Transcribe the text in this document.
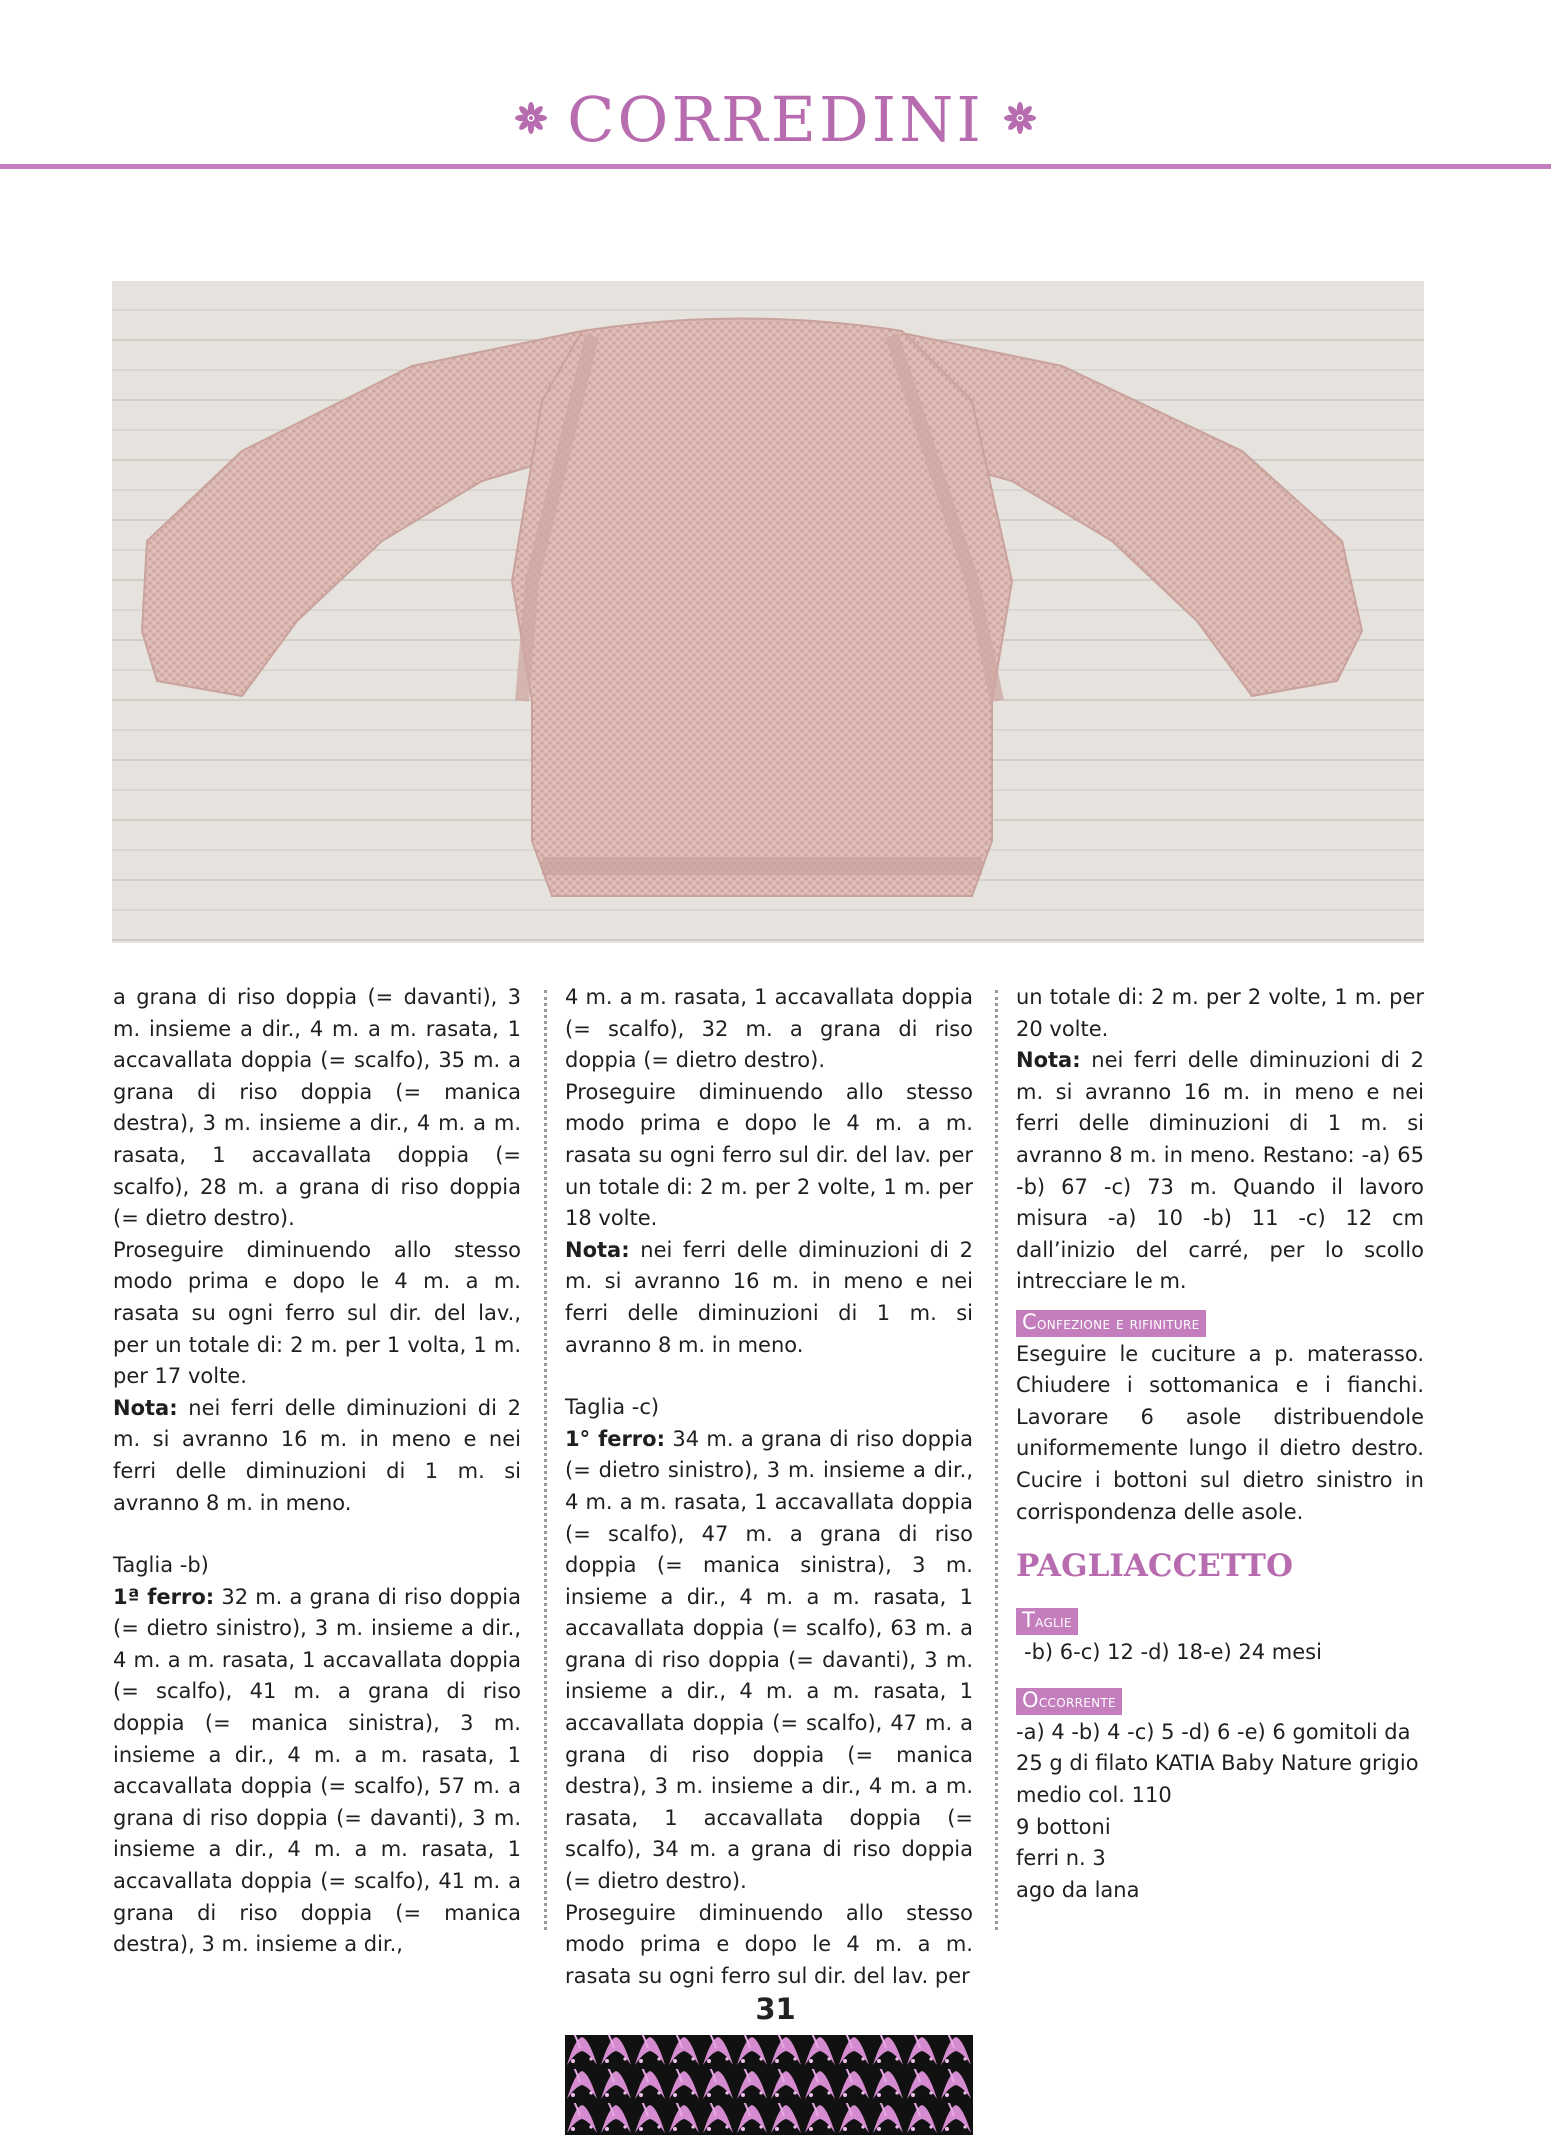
CORREDINI

a grana di riso doppia (= davanti), 3 m. insieme a dir., 4 m. a m. rasata, 1 accavallata doppia (= scalfo), 35 m. a grana di riso doppia (= manica destra), 3 m. insieme a dir., 4 m. a m. rasata, 1 accavallata doppia (= scalfo), 28 m. a grana di riso doppia (= dietro destro).

Proseguire diminuendo allo stesso modo prima e dopo le 4 m. a m. rasata su ogni ferro sul dir. del lav., per un totale di: 2 m. per 1 volta, 1 m. per 17 volte.

Nota: nei ferri delle diminuzioni di 2 m. si avranno 16 m. in meno e nei ferri delle diminuzioni di 1 m. si avranno 8 m. in meno.

Taglia -b)

1ª ferro: 32 m. a grana di riso doppia (= dietro sinistro), 3 m. insieme a dir., 4 m. a m. rasata, 1 accavallata doppia (= scalfo), 41 m. a grana di riso doppia (= manica sinistra), 3 m. insieme a dir., 4 m. a m. rasata, 1 accavallata doppia (= scalfo), 57 m. a grana di riso doppia (= davanti), 3 m. insieme a dir., 4 m. a m. rasata, 1 accavallata doppia (= scalfo), 41 m. a grana di riso doppia (= manica destra), 3 m. insieme a dir.,

4 m. a m. rasata, 1 accavallata doppia (= scalfo), 32 m. a grana di riso doppia (= dietro destro).

Proseguire diminuendo allo stesso modo prima e dopo le 4 m. a m. rasata su ogni ferro sul dir. del lav. per un totale di: 2 m. per 2 volte, 1 m. per 18 volte.

Nota: nei ferri delle diminuzioni di 2 m. si avranno 16 m. in meno e nei ferri delle diminuzioni di 1 m. si avranno 8 m. in meno.

Taglia -c)

1° ferro: 34 m. a grana di riso doppia (= dietro sinistro), 3 m. insieme a dir., 4 m. a m. rasata, 1 accavallata doppia (= scalfo), 47 m. a grana di riso doppia (= manica sinistra), 3 m. insieme a dir., 4 m. a m. rasata, 1 accavallata doppia (= scalfo), 63 m. a grana di riso doppia (= davanti), 3 m. insieme a dir., 4 m. a m. rasata, 1 accavallata doppia (= scalfo), 47 m. a grana di riso doppia (= manica destra), 3 m. insieme a dir., 4 m. a m. rasata, 1 accavallata doppia (= scalfo), 34 m. a grana di riso doppia (= dietro destro).

Proseguire diminuendo allo stesso modo prima e dopo le 4 m. a m. rasata su ogni ferro sul dir. del lav. per

un totale di: 2 m. per 2 volte, 1 m. per 20 volte.

Nota: nei ferri delle diminuzioni di 2 m. si avranno 16 m. in meno e nei ferri delle diminuzioni di 1 m. si avranno 8 m. in meno. Restano: -a) 65 -b) 67 -c) 73 m. Quando il lavoro misura -a) 10 -b) 11 -c) 12 cm dall’inizio del carré, per lo scollo intrecciare le m.

Confezione e rifiniture

Eseguire le cuciture a p. materasso. Chiudere i sottomanica e i fianchi. Lavorare 6 asole distribuendole uniformemente lungo il dietro destro. Cucire i bottoni sul dietro sinistro in corrispondenza delle asole.

PAGLIACCETTO
Taglie

-b) 6-c) 12 -d) 18-e) 24 mesi

Occorrente

-a) 4 -b) 4 -c) 5 -d) 6 -e) 6 gomitoli da 25 g di filato KATIA Baby Nature grigio medio col. 110

9 bottoni

ferri n. 3

ago da lana

31
